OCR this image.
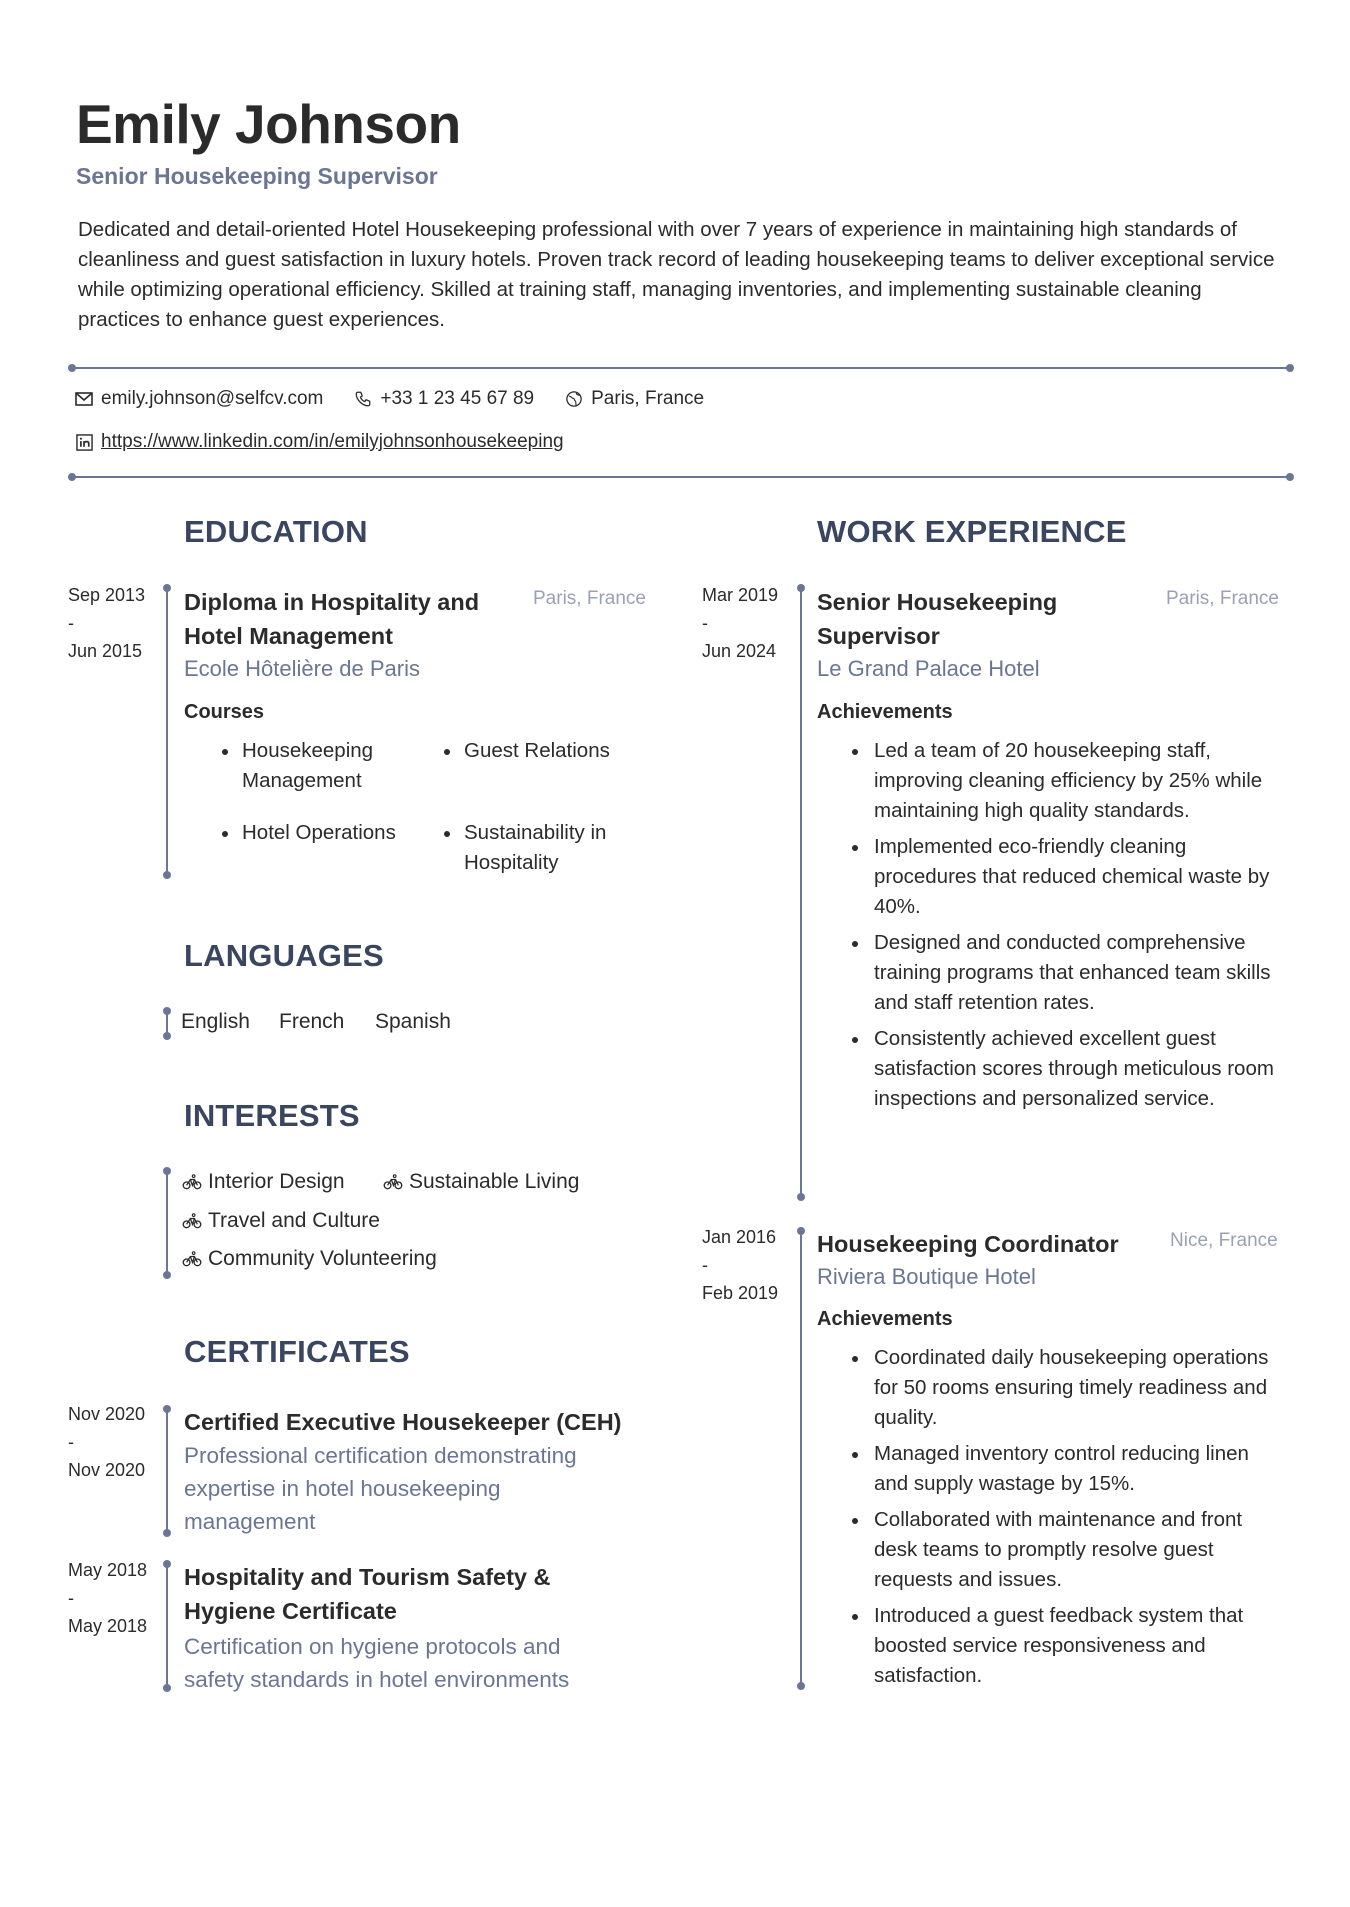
Emily Johnson
Senior Housekeeping Supervisor
Dedicated and detail-oriented Hotel Housekeeping professional with over 7 years of experience in maintaining high standards of cleanliness and guest satisfaction in luxury hotels. Proven track record of leading housekeeping teams to deliver exceptional service while optimizing operational efficiency. Skilled at training staff, managing inventories, and implementing sustainable cleaning practices to enhance guest experiences.
emily.johnson@selfcv.com	+33 1 23 45 67 89	Paris, France
https://www.linkedin.com/in/emilyjohnsonhousekeeping
EDUCATION
Sep 2013
-
Jun 2015
Diploma in Hospitality and
Hotel Management
Paris, France
Ecole Hôtelière de Paris
Courses
Housekeeping
Management
Guest Relations
Hotel Operations	Sustainability in
Hospitality
LANGUAGES
English French Spanish
INTERESTS
Interior Design	Sustainable Living
Travel and Culture
Community Volunteering
CERTIFICATES
Nov 2020
-
Nov 2020
Certified Executive Housekeeper (CEH)
Professional certification demonstrating
expertise in hotel housekeeping
management
May 2018
-
May 2018
Hospitality and Tourism Safety &
Hygiene Certificate
Certification on hygiene protocols and
safety standards in hotel environments
WORK EXPERIENCE
Mar 2019
-
Jun 2024
Senior Housekeeping
Supervisor
Paris, France
Le Grand Palace Hotel
Achievements
Led a team of 20 housekeeping staff, improving cleaning efficiency by 25% while maintaining high quality standards.
Implemented eco-friendly cleaning procedures that reduced chemical waste by 40%.
Designed and conducted comprehensive training programs that enhanced team skills and staff retention rates.
Consistently achieved excellent guest satisfaction scores through meticulous room inspections and personalized service.
Jan 2016
-
Feb 2019
Housekeeping Coordinator	Nice, France
Riviera Boutique Hotel
Achievements
Coordinated daily housekeeping operations for 50 rooms ensuring timely readiness and quality.
Managed inventory control reducing linen and supply wastage by 15%.
Collaborated with maintenance and front desk teams to promptly resolve guest requests and issues.
Introduced a guest feedback system that boosted service responsiveness and satisfaction.
